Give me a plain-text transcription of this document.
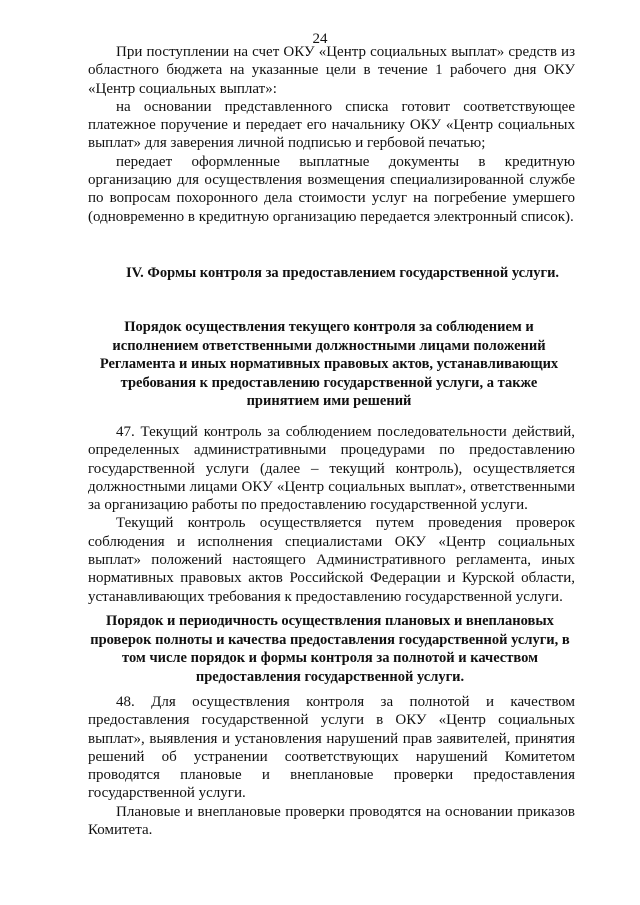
24

При поступлении на счет ОКУ «Центр социальных выплат» средств из областного бюджета на указанные цели в течение 1 рабочего дня ОКУ «Центр социальных выплат»:

на основании представленного списка готовит соответствующее платежное поручение и передает его начальнику ОКУ «Центр социальных выплат» для заверения личной подписью и гербовой печатью;

передает оформленные выплатные документы в кредитную организацию для осуществления возмещения специализированной службе по вопросам похоронного дела стоимости услуг на погребение умершего (одновременно в кредитную организацию передается электронный список).

IV. Формы контроля за предоставлением государственной услуги.
Порядок осуществления текущего контроля за соблюдением и исполнением ответственными должностными лицами положений Регламента и иных нормативных правовых актов, устанавливающих требования к предоставлению государственной услуги, а также принятием ими решений

47. Текущий контроль за соблюдением последовательности действий, определенных административными процедурами по предоставлению государственной услуги (далее – текущий контроль), осуществляется должностными лицами ОКУ «Центр социальных выплат», ответственными за организацию работы по предоставлению государственной услуги.

Текущий контроль осуществляется путем проведения проверок соблюдения и исполнения специалистами ОКУ «Центр социальных выплат» положений настоящего Административного регламента, иных нормативных правовых актов Российской Федерации и Курской области, устанавливающих требования к предоставлению государственной услуги.

Порядок и периодичность осуществления плановых и внеплановых проверок полноты и качества предоставления государственной услуги, в том числе порядок и формы контроля за полнотой и качеством предоставления государственной услуги.

48. Для осуществления контроля за полнотой и качеством предоставления государственной услуги в ОКУ «Центр социальных выплат», выявления и установления нарушений прав заявителей, принятия решений об устранении соответствующих нарушений Комитетом проводятся плановые и внеплановые проверки предоставления государственной услуги.

Плановые и внеплановые проверки проводятся на основании приказов Комитета.
